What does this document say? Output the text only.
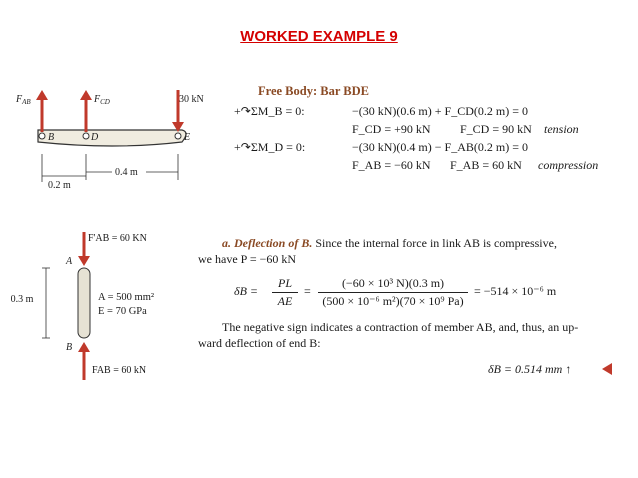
WORKED EXAMPLE 9
$F_{AB}$	$F_{CD}$	30 kN
B	D	E
0.4 m
0.2 m
Free Body: Bar BDE
+↷ΣM_B = 0:	−(30 kN)(0.6 m) + F_CD(0.2 m) = 0
F_CD = +90 kN F_CD = 90 kN tension
+↷ΣM_D = 0:	−(30 kN)(0.4 m) − F_AB(0.2 m) = 0
F_AB = −60 kN F_AB = 60 kN compression
A
B
F'AB = 60 KN
0.3 m	A = 500 mm²
E = 70 GPa
FAB = 60 kN
a. Deflection of B. Since the internal force in link AB is compressive,
we have P = −60 kN
δB =
PL
AE
=
(−60 × 10³ N)(0.3 m)
(500 × 10⁻⁶ m²)(70 × 10⁹ Pa)
= −514 × 10⁻⁶ m
The negative sign indicates a contraction of member AB, and, thus, an up-
ward deflection of end B:
δB = 0.514 mm ↑
